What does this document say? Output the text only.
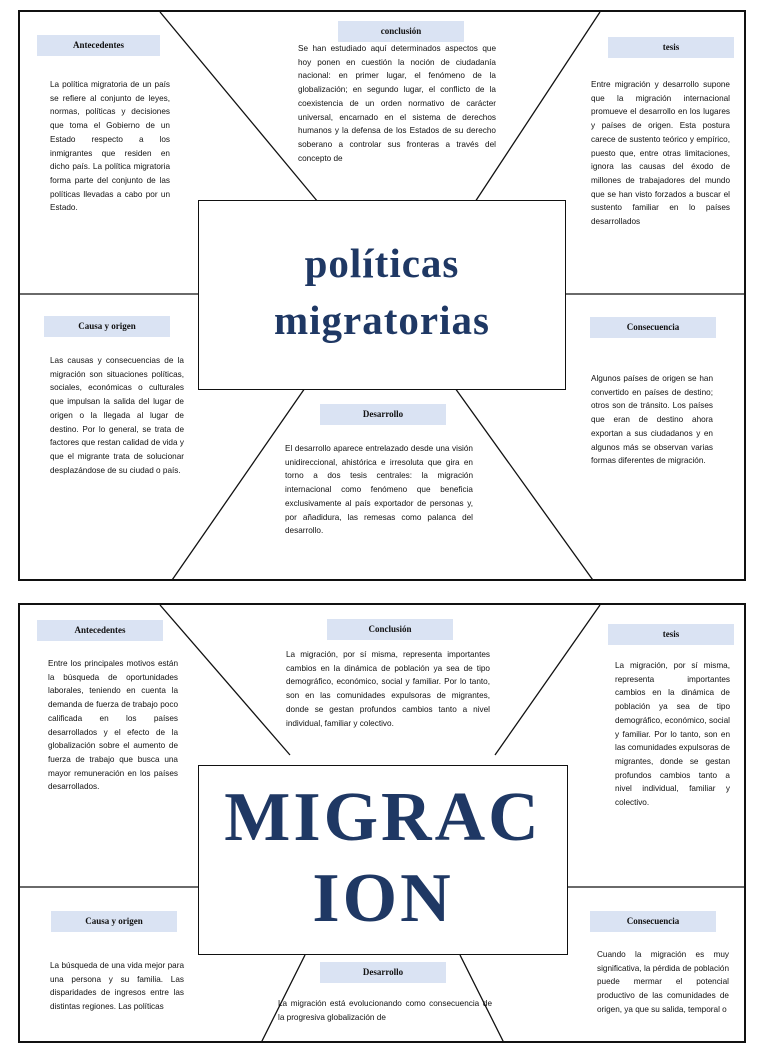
Antecedentes

La política migratoria de un país se refiere al conjunto de leyes, normas, políticas y decisiones que toma el Gobierno de un Estado respecto a los inmigrantes que residen en dicho país. La política migratoria forma parte del conjunto de las políticas llevadas a cabo por un Estado.

conclusión

Se han estudiado aquí determinados aspectos que hoy ponen en cuestión la noción de ciudadanía nacional: en primer lugar, el fenómeno de la globalización; en segundo lugar, el conflicto de la coexistencia de un orden normativo de carácter universal, encarnado en el sistema de derechos humanos y la defensa de los Estados de su derecho soberano a controlar sus fronteras a través del concepto de

tesis

Entre migración y desarrollo supone que la migración internacional promueve el desarrollo en los lugares y países de origen. Esta postura carece de sustento teórico y empírico, puesto que, entre otras limitaciones, ignora las causas del éxodo de millones de trabajadores del mundo que se han visto forzados a buscar el sustento familiar en lo países desarrollados

políticas
migratorias
Causa y origen

Las causas y consecuencias de la migración son situaciones políticas, sociales, económicas o culturales que impulsan la salida del lugar de origen o la llegada al lugar de destino. Por lo general, se trata de factores que restan calidad de vida y que el migrante trata de solucionar desplazándose de su ciudad o país.

Consecuencia

Algunos países de origen se han convertido en países de destino; otros son de tránsito. Los países que eran de destino ahora exportan a sus ciudadanos y en algunos más se observan varias formas diferentes de migración.

Desarrollo

El desarrollo aparece entrelazado desde una visión unidireccional, ahistórica e irresoluta que gira en torno a dos tesis centrales: la migración internacional como fenómeno que beneficia exclusivamente al país exportador de personas y, por añadidura, las remesas como palanca del desarrollo.

Antecedentes

Entre los principales motivos están la búsqueda de oportunidades laborales, teniendo en cuenta la demanda de fuerza de trabajo poco calificada en los países desarrollados y el efecto de la globalización sobre el aumento de fuerza de trabajo que busca una mayor remuneración en los países desarrollados.

Conclusión

La migración, por sí misma, representa importantes cambios en la dinámica de población ya sea de tipo demográfico, económico, social y familiar. Por lo tanto, son en las comunidades expulsoras de migrantes, donde se gestan profundos cambios tanto a nivel individual, familiar y colectivo.

tesis

La migración, por sí misma, representa importantes cambios en la dinámica de población ya sea de tipo demográfico, económico, social y familiar. Por lo tanto, son en las comunidades expulsoras de migrantes, donde se gestan profundos cambios tanto a nivel individual, familiar y colectivo.

MIGRAC
ION
Causa y origen

La búsqueda de una vida mejor para una persona y su familia. Las disparidades de ingresos entre las distintas regiones. Las políticas

Consecuencia

Cuando la migración es muy significativa, la pérdida de población puede mermar el potencial productivo de las comunidades de origen, ya que su salida, temporal o

Desarrollo

La migración está evolucionando como consecuencia de la progresiva globalización de
